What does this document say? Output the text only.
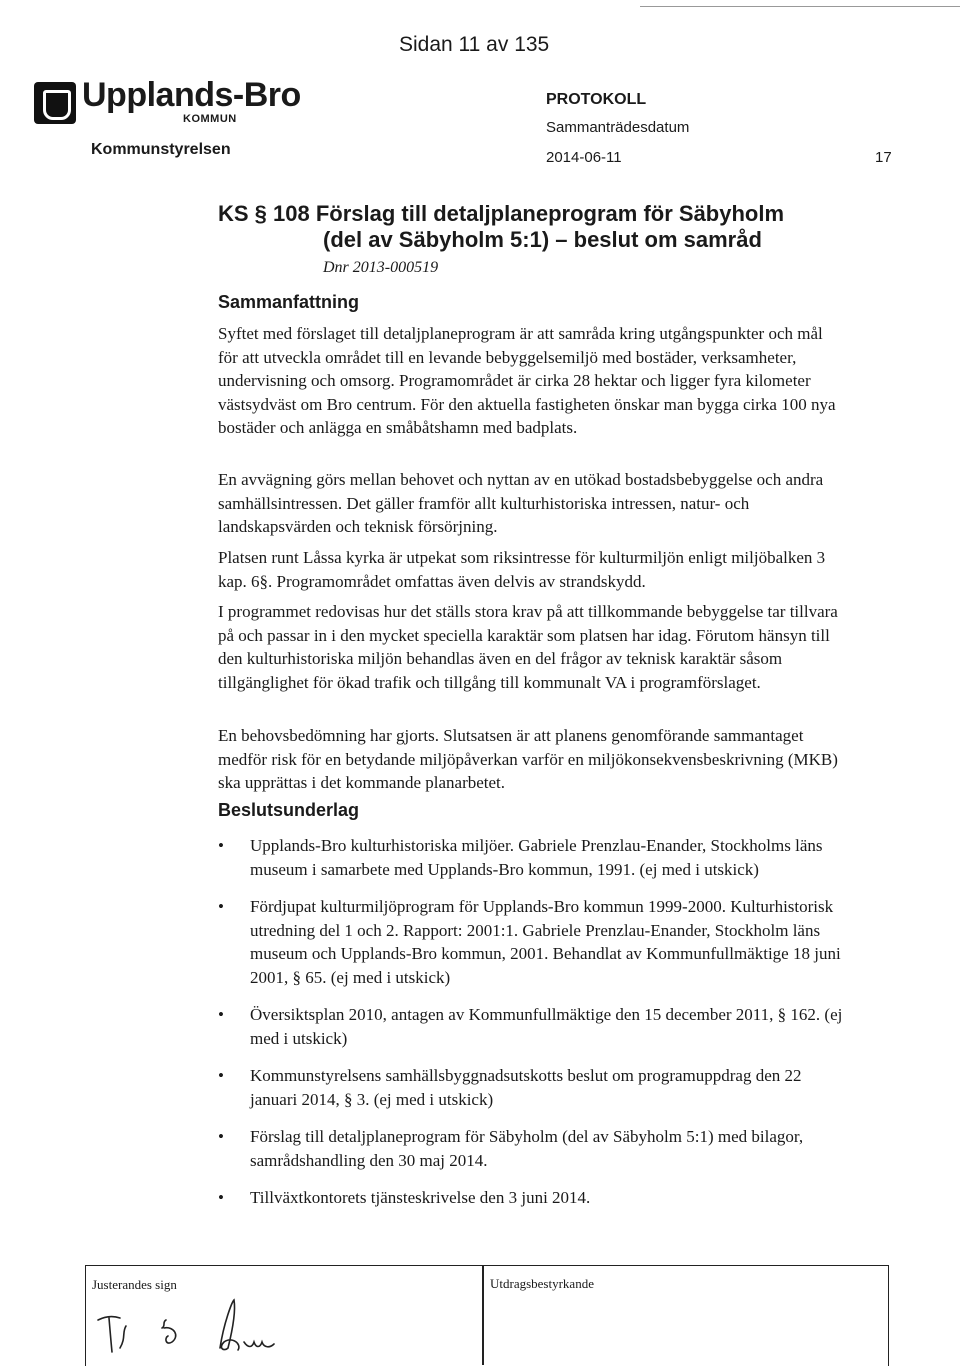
Sidan 11 av 135
Upplands-Bro
KOMMUN
Kommunstyrelsen
PROTOKOLL
Sammanträdesdatum
2014-06-11	17
KS § 108 Förslag till detaljplaneprogram för Säbyholm
(del av Säbyholm 5:1) – beslut om samråd
Dnr 2013-000519
Sammanfattning
Syftet med förslaget till detaljplaneprogram är att samråda kring utgångspunkter och mål för att utveckla området till en levande bebyggelsemiljö med bostäder, verksamheter, undervisning och omsorg. Programområdet är cirka 28 hektar och ligger fyra kilometer västsydväst om Bro centrum. För den aktuella fastigheten önskar man bygga cirka 100 nya bostäder och anlägga en småbåtshamn med badplats.
En avvägning görs mellan behovet och nyttan av en utökad bostadsbebyggelse och andra samhällsintressen. Det gäller framför allt kulturhistoriska intressen, natur- och landskapsvärden och teknisk försörjning.
Platsen runt Låssa kyrka är utpekat som riksintresse för kulturmiljön enligt miljöbalken 3 kap. 6§. Programområdet omfattas även delvis av strandskydd.
I programmet redovisas hur det ställs stora krav på att tillkommande bebyggelse tar tillvara på och passar in i den mycket speciella karaktär som platsen har idag. Förutom hänsyn till den kulturhistoriska miljön behandlas även en del frågor av teknisk karaktär såsom tillgänglighet för ökad trafik och tillgång till kommunalt VA i programförslaget.
En behovsbedömning har gjorts. Slutsatsen är att planens genomförande sammantaget medför risk för en betydande miljöpåverkan varför en miljökonsekvensbeskrivning (MKB) ska upprättas i det kommande planarbetet.
Beslutsunderlag
• Upplands-Bro kulturhistoriska miljöer. Gabriele Prenzlau-Enander, Stockholms läns museum i samarbete med Upplands-Bro kommun, 1991. (ej med i utskick)
• Fördjupat kulturmiljöprogram för Upplands-Bro kommun 1999-2000. Kulturhistorisk utredning del 1 och 2. Rapport: 2001:1. Gabriele Prenzlau-Enander, Stockholm läns museum och Upplands-Bro kommun, 2001. Behandlat av Kommunfullmäktige 18 juni 2001, § 65. (ej med i utskick)
• Översiktsplan 2010, antagen av Kommunfullmäktige den 15 december 2011, § 162. (ej med i utskick)
• Kommunstyrelsens samhällsbyggnadsutskotts beslut om programuppdrag den 22 januari 2014, § 3. (ej med i utskick)
• Förslag till detaljplaneprogram för Säbyholm (del av Säbyholm 5:1) med bilagor, samrådshandling den 30 maj 2014.
• Tillväxtkontorets tjänsteskrivelse den 3 juni 2014.
Justerandes sign	Utdragsbestyrkande
